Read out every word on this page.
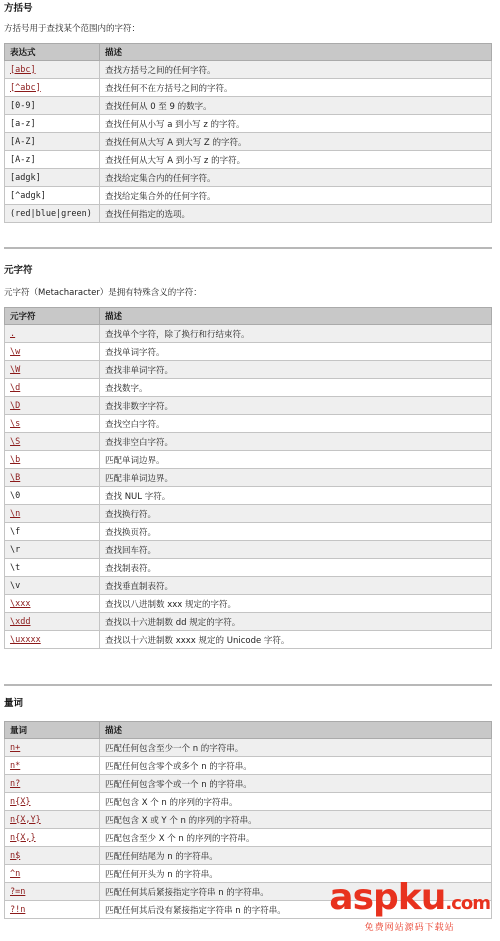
方括号
方括号用于查找某个范围内的字符：
表达式	描述
[abc]	查找方括号之间的任何字符。
[^abc]	查找任何不在方括号之间的字符。
[0-9]	查找任何从 0 至 9 的数字。
[a-z]	查找任何从小写 a 到小写 z 的字符。
[A-Z]	查找任何从大写 A 到大写 Z 的字符。
[A-z]	查找任何从大写 A 到小写 z 的字符。
[adgk]	查找给定集合内的任何字符。
[^adgk]	查找给定集合外的任何字符。
(red|blue|green)	查找任何指定的选项。
元字符
元字符（Metacharacter）是拥有特殊含义的字符：
元字符	描述
.	查找单个字符，除了换行和行结束符。
\w	查找单词字符。
\W	查找非单词字符。
\d	查找数字。
\D	查找非数字字符。
\s	查找空白字符。
\S	查找非空白字符。
\b	匹配单词边界。
\B	匹配非单词边界。
\0	查找 NUL 字符。
\n	查找换行符。
\f	查找换页符。
\r	查找回车符。
\t	查找制表符。
\v	查找垂直制表符。
\xxx	查找以八进制数 xxx 规定的字符。
\xdd	查找以十六进制数 dd 规定的字符。
\uxxxx	查找以十六进制数 xxxx 规定的 Unicode 字符。
量词
量词	描述
n+	匹配任何包含至少一个 n 的字符串。
n*	匹配任何包含零个或多个 n 的字符串。
n?	匹配任何包含零个或一个 n 的字符串。
n{X}	匹配包含 X 个 n 的序列的字符串。
n{X,Y}	匹配包含 X 或 Y 个 n 的序列的字符串。
n{X,}	匹配包含至少 X 个 n 的序列的字符串。
n$	匹配任何结尾为 n 的字符串。
^n	匹配任何开头为 n 的字符串。
?=n	匹配任何其后紧接指定字符串 n 的字符串。
?!n	匹配任何其后没有紧接指定字符串 n 的字符串。 aspku.com
免费网站源码下载站
